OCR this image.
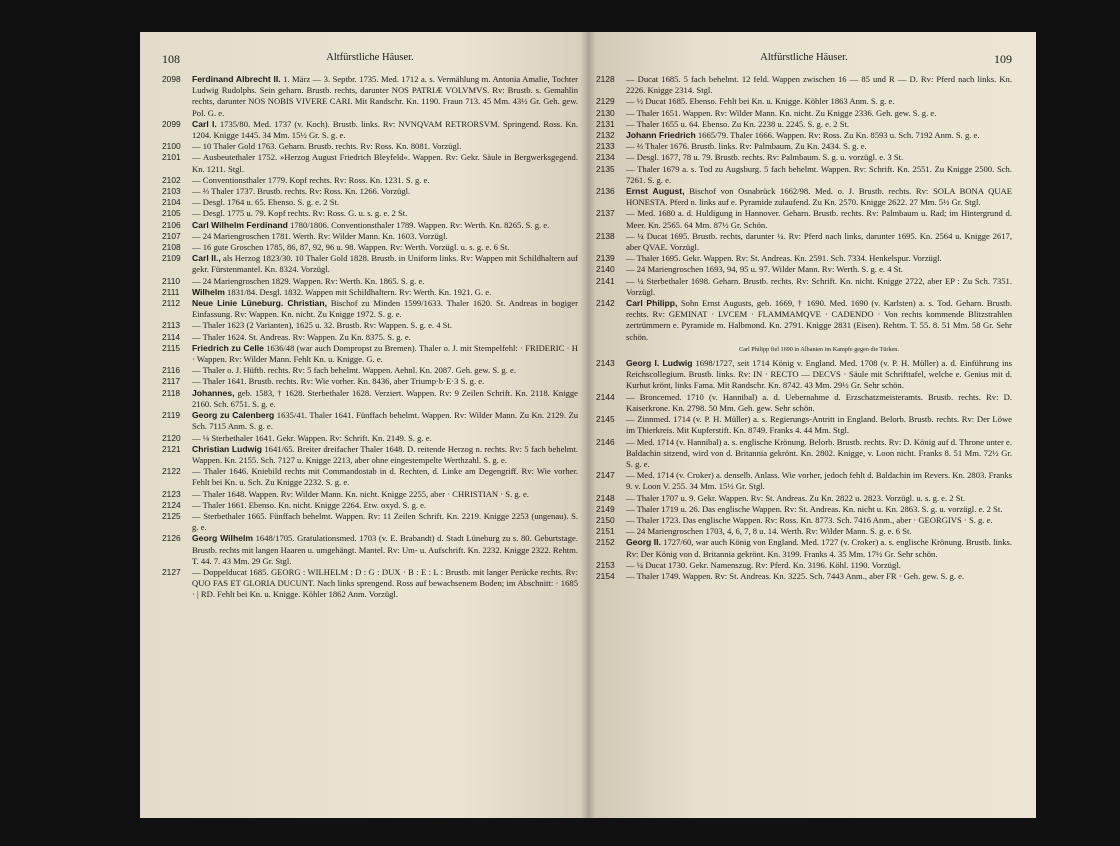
108	Altfürstliche Häuser.
2098	Ferdinand Albrecht II. 1. März — 3. Septbr. 1735. Med. 1712 a. s. Vermählung m. Antonia Amalie, Tochter Ludwig Rudolphs. Sein geharn. Brustb. rechts, darunter NOS PATRIÆ VOLVMVS. Rv: Brustb. s. Gemahlin rechts, darunter NOS NOBIS VIVERE CARI. Mit Randschr. Kn. 1190. Fraun 713. 45 Mm. 43½ Gr. Geh. gew. Pol. G. e.
2099	Carl I. 1735/80. Med. 1737 (v. Koch). Brustb. links. Rv: NVNQVAM RETRORSVM. Springend. Ross. Kn. 1204. Knigge 1445. 34 Mm. 15½ Gr. S. g. e.
2100	— 10 Thaler Gold 1763. Geharn. Brustb. rechts. Rv: Ross. Kn. 8081. Vorzügl.
2101	— Ausbeutethaler 1752. »Herzog August Friedrich Bleyfeld«. Wappen. Rv: Gekr. Säule in Bergwerksgegend. Kn. 1211. Stgl.
2102	— Conventionsthaler 1779. Kopf rechts. Rv: Ross. Kn. 1231. S. g. e.
2103	— ⅔ Thaler 1737. Brustb. rechts. Rv: Ross. Kn. 1266. Vorzügl.
2104	— Desgl. 1764 u. 65. Ebenso. S. g. e. 2 St.
2105	— Desgl. 1775 u. 79. Kopf rechts. Rv: Ross. G. u. s. g. e. 2 St.
2106	Carl Wilhelm Ferdinand 1780/1806. Conventionsthaler 1789. Wappen. Rv: Werth. Kn. 8265. S. g. e.
2107	— 24 Mariengroschen 1781. Werth. Rv: Wilder Mann. Kn. 1603. Vorzügl.
2108	— 16 gute Groschen 1785, 86, 87, 92, 96 u. 98. Wappen. Rv: Werth. Vorzügl. u. s. g. e. 6 St.
2109	Carl II., als Herzog 1823/30. 10 Thaler Gold 1828. Brustb. in Uniform links. Rv: Wappen mit Schildhaltern auf gekr. Fürstenmantel. Kn. 8324. Vorzügl.
2110	— 24 Mariengroschen 1829. Wappen. Rv: Werth. Kn. 1865. S. g. e.
2111	Wilhelm 1831/84. Desgl. 1832. Wappen mit Schildhaltern. Rv: Werth. Kn. 1921. G. e.
2112	Neue Linie Lüneburg. Christian, Bischof zu Minden 1599/1633. Thaler 1620. St. Andreas in bogiger Einfassung. Rv: Wappen. Kn. nicht. Zu Knigge 1972. S. g. e.
2113	— Thaler 1623 (2 Varianten), 1625 u. 32. Brustb. Rv: Wappen. S. g. e. 4 St.
2114	— Thaler 1624. St. Andreas. Rv: Wappen. Zu Kn. 8375. S. g. e.
2115	Friedrich zu Celle 1636/48 (war auch Dompropst zu Bremen). Thaler o. J. mit Stempelfehl: · FRIDERIC · H · Wappen. Rv: Wilder Mann. Fehlt Kn. u. Knigge. G. e.
2116	— Thaler o. J. Hüftb. rechts. Rv: 5 fach behelmt. Wappen. Aehnl. Kn. 2087. Geh. gew. S. g. e.
2117	— Thaler 1641. Brustb. rechts. Rv: Wie vorher. Kn. 8436, aber Triump·b·E·3 S. g. e.
2118	Johannes, geb. 1583, † 1628. Sterbethaler 1628. Verziert. Wappen. Rv: 9 Zeilen Schrift. Kn. 2118. Knigge 2160. Sch. 6751. S. g. e.
2119	Georg zu Calenberg 1635/41. Thaler 1641. Fünffach behelmt. Wappen. Rv: Wilder Mann. Zu Kn. 2129. Zu Sch. 7115 Anm. S. g. e.
2120	— ⅛ Sterbethaler 1641. Gekr. Wappen. Rv: Schrift. Kn. 2149. S. g. e.
2121	Christian Ludwig 1641/65. Breiter dreifacher Thaler 1648. D. reitende Herzog n. rechts. Rv: 5 fach behelmt. Wappen. Kn. 2155. Sch. 7127 u. Knigge 2213, aber ohne eingestempelte Werthzahl. S. g. e.
2122	— Thaler 1646. Kniebild rechts mit Commandostab in d. Rechten, d. Linke am Degengriff. Rv: Wie vorher. Fehlt bei Kn. u. Sch. Zu Knigge 2232. S. g. e.
2123	— Thaler 1648. Wappen. Rv: Wilder Mann. Kn. nicht. Knigge 2255, aber · CHRISTIAN · S. g. e.
2124	— Thaler 1661. Ebenso. Kn. nicht. Knigge 2264. Etw. oxyd. S. g. e.
2125	— Sterbethaler 1665. Fünffach behelmt. Wappen. Rv: 11 Zeilen Schrift. Kn. 2219. Knigge 2253 (ungenau). S. g. e.
2126	Georg Wilhelm 1648/1705. Gratulationsmed. 1703 (v. E. Brabandt) d. Stadt Lüneburg zu s. 80. Geburtstage. Brustb. rechts mit langen Haaren u. umgehängt. Mantel. Rv: Um- u. Aufschrift. Kn. 2232. Knigge 2322. Rehtm. T. 44. 7. 43 Mm. 29 Gr. Stgl.
2127	— Doppelducat 1685. GEORG : WILHELM : D : G : DUX · B : E : L : Brustb. mit langer Perücke rechts. Rv: QUO FAS ET GLORIA DUCUNT. Nach links sprengend. Ross auf bewachsenem Boden; im Abschnitt: · 1685 · | RD. Fehlt bei Kn. u. Knigge. Köhler 1862 Anm. Vorzügl.
Altfürstliche Häuser.	109
2128	— Ducat 1685. 5 fach behelmt. 12 feld. Wappen zwischen 16 — 85 und R — D. Rv: Pferd nach links. Kn. 2226. Knigge 2314. Stgl.
2129	— ½ Ducat 1685. Ebenso. Fehlt bei Kn. u. Knigge. Köhler 1863 Anm. S. g. e.
2130	— Thaler 1651. Wappen. Rv: Wilder Mann. Kn. nicht. Zu Knigge 2336. Geh. gew. S. g. e.
2131	— Thaler 1655 u. 64. Ebenso. Zu Kn. 2238 u. 2245. S. g. e. 2 St.
2132	Johann Friedrich 1665/79. Thaler 1666. Wappen. Rv: Ross. Zu Kn. 8593 u. Sch. 7192 Anm. S. g. e.
2133	— ⅔ Thaler 1676. Brustb. links. Rv: Palmbaum. Zu Kn. 2434. S. g. e.
2134	— Desgl. 1677, 78 u. 79. Brustb. rechts. Rv: Palmbaum. S. g. u. vorzügl. e. 3 St.
2135	— Thaler 1679 a. s. Tod zu Augsburg. 5 fach behelmt. Wappen. Rv: Schrift. Kn. 2551. Zu Knigge 2500. Sch. 7261. S. g. e.
2136	Ernst August, Bischof von Osnabrück 1662/98. Med. o. J. Brustb. rechts. Rv: SOLA BONA QUAE HONESTA. Pferd n. links auf e. Pyramide zulaufend. Zu Kn. 2570. Knigge 2622. 27 Mm. 5½ Gr. Stgl.
2137	— Med. 1680 a. d. Huldigung in Hannover. Geharn. Brustb. rechts. Rv: Palmbaum u. Rad; im Hintergrund d. Meer. Kn. 2565. 64 Mm. 87½ Gr. Schön.
2138	— ¼ Ducat 1695. Brustb. rechts, darunter ¼. Rv: Pferd nach links, darunter 1695. Kn. 2564 u. Knigge 2617, aber QVAE. Vorzügl.
2139	— Thaler 1695. Gekr. Wappen. Rv: St. Andreas. Kn. 2591. Sch. 7334. Henkelspur. Vorzügl.
2140	— 24 Mariengroschen 1693, 94, 95 u. 97. Wilder Mann. Rv: Werth. S. g. e. 4 St.
2141	— ¼ Sterbethaler 1698. Geharn. Brustb. rechts. Rv: Schrift. Kn. nicht. Knigge 2722, aber EP : Zu Sch. 7351. Vorzügl.
2142	Carl Philipp, Sohn Ernst Augusts, geb. 1669, † 1690. Med. 1690 (v. Karlsten) a. s. Tod. Geharn. Brustb. rechts. Rv: GEMINAT · LVCEM · FLAMMAMQVE · CADENDO · Von rechts kommende Blitzstrahlen zertrümmern e. Pyramide m. Halbmond. Kn. 2791. Knigge 2831 (Eisen). Rehtm. T. 55. 8. 51 Mm. 58 Gr. Sehr schön.
Carl Philipp fiel 1690 in Albanien im Kampfe gegen die Türken.
2143	Georg I. Ludwig 1698/1727, seit 1714 König v. England. Med. 1708 (v. P. H. Müller) a. d. Einführung ins Reichscollegium. Brustb. links. Rv: IN · RECTO — DECVS · Säule mit Schrifttafel, welche e. Genius mit d. Kurhut krönt, links Fama. Mit Randschr. Kn. 8742. 43 Mm. 29½ Gr. Sehr schön.
2144	— Broncemed. 1710 (v. Hannibal) a. d. Uebernahme d. Erzschatzmeisteramts. Brustb. rechts. Rv: D. Kaiserkrone. Kn. 2798. 50 Mm. Geh. gew. Sehr schön.
2145	— Zinnmed. 1714 (v. P. H. Müller) a. s. Regierungs-Antritt in England. Belorb. Brustb. rechts. Rv: Der Löwe im Thierkreis. Mit Kupferstift. Kn. 8749. Franks 4. 44 Mm. Stgl.
2146	— Med. 1714 (v. Hannibal) a. s. englische Krönung. Belorb. Brustb. rechts. Rv: D. König auf d. Throne unter e. Baldachin sitzend, wird von d. Britannia gekrönt. Kn. 2802. Knigge, v. Loon nicht. Franks 8. 51 Mm. 72½ Gr. S. g. e.
2147	— Med. 1714 (v. Croker) a. denselb. Anlass. Wie vorher, jedoch fehlt d. Baldachin im Revers. Kn. 2803. Franks 9. v. Loon V. 255. 34 Mm. 15½ Gr. Stgl.
2148	— Thaler 1707 u. 9. Gekr. Wappen. Rv: St. Andreas. Zu Kn. 2822 u. 2823. Vorzügl. u. s. g. e. 2 St.
2149	— Thaler 1719 u. 26. Das englische Wappen. Rv: St. Andreas. Kn. nicht u. Kn. 2863. S. g. u. vorzügl. e. 2 St.
2150	— Thaler 1723. Das englische Wappen. Rv: Ross. Kn. 8773. Sch. 7416 Anm., aber · GEORGIVS · S. g. e.
2151	— 24 Mariengroschen 1703, 4, 6, 7, 8 u. 14. Werth. Rv: Wilder Mann. S. g. e. 6 St.
2152	Georg II. 1727/60, war auch König von England. Med. 1727 (v. Croker) a. s. englische Krönung. Brustb. links. Rv: Der König von d. Britannia gekrönt. Kn. 3199. Franks 4. 35 Mm. 17½ Gr. Sehr schön.
2153	— ¼ Ducat 1730. Gekr. Namenszug. Rv: Pferd. Kn. 3196. Köhl. 1190. Vorzügl.
2154	— Thaler 1749. Wappen. Rv: St. Andreas. Kn. 3225. Sch. 7443 Anm., aber FR · Geh. gew. S. g. e.
